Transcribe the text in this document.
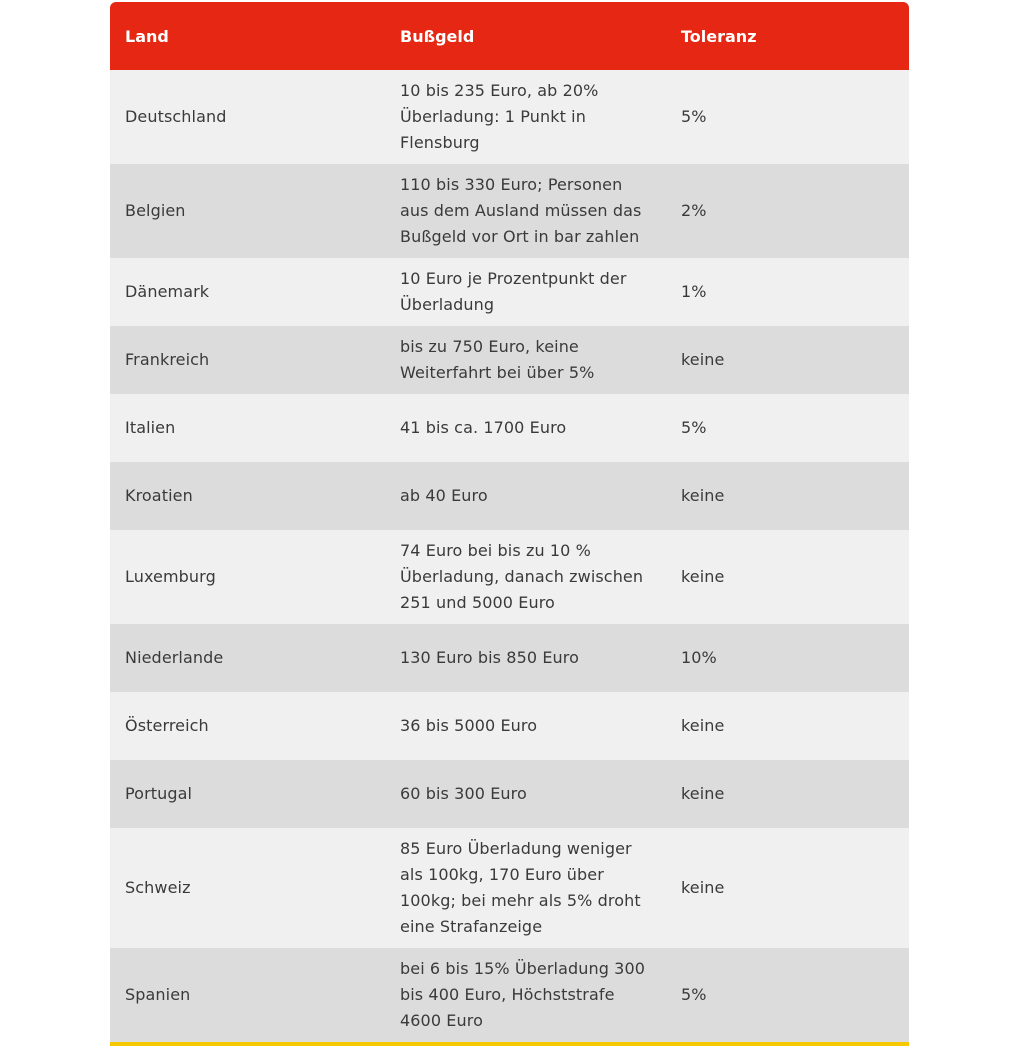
Land	Bußgeld	Toleranz
Deutschland	10 bis 235 Euro, ab 20% Überladung: 1 Punkt in Flensburg	5%
Belgien	110 bis 330 Euro; Personen aus dem Ausland müssen das Bußgeld vor Ort in bar zahlen	2%
Dänemark	10 Euro je Prozentpunkt der Überladung	1%
Frankreich	bis zu 750 Euro, keine Weiterfahrt bei über 5%	keine
Italien	41 bis ca. 1700 Euro	5%
Kroatien	ab 40 Euro	keine
Luxemburg	74 Euro bei bis zu 10 % Überladung, danach zwischen 251 und 5000 Euro	keine
Niederlande	130 Euro bis 850 Euro	10%
Österreich	36 bis 5000 Euro	keine
Portugal	60 bis 300 Euro	keine
Schweiz	85 Euro Überladung weniger als 100kg, 170 Euro über 100kg; bei mehr als 5% droht eine Strafanzeige	keine
Spanien	bei 6 bis 15% Überladung 300 bis 400 Euro, Höchststrafe 4600 Euro	5%
